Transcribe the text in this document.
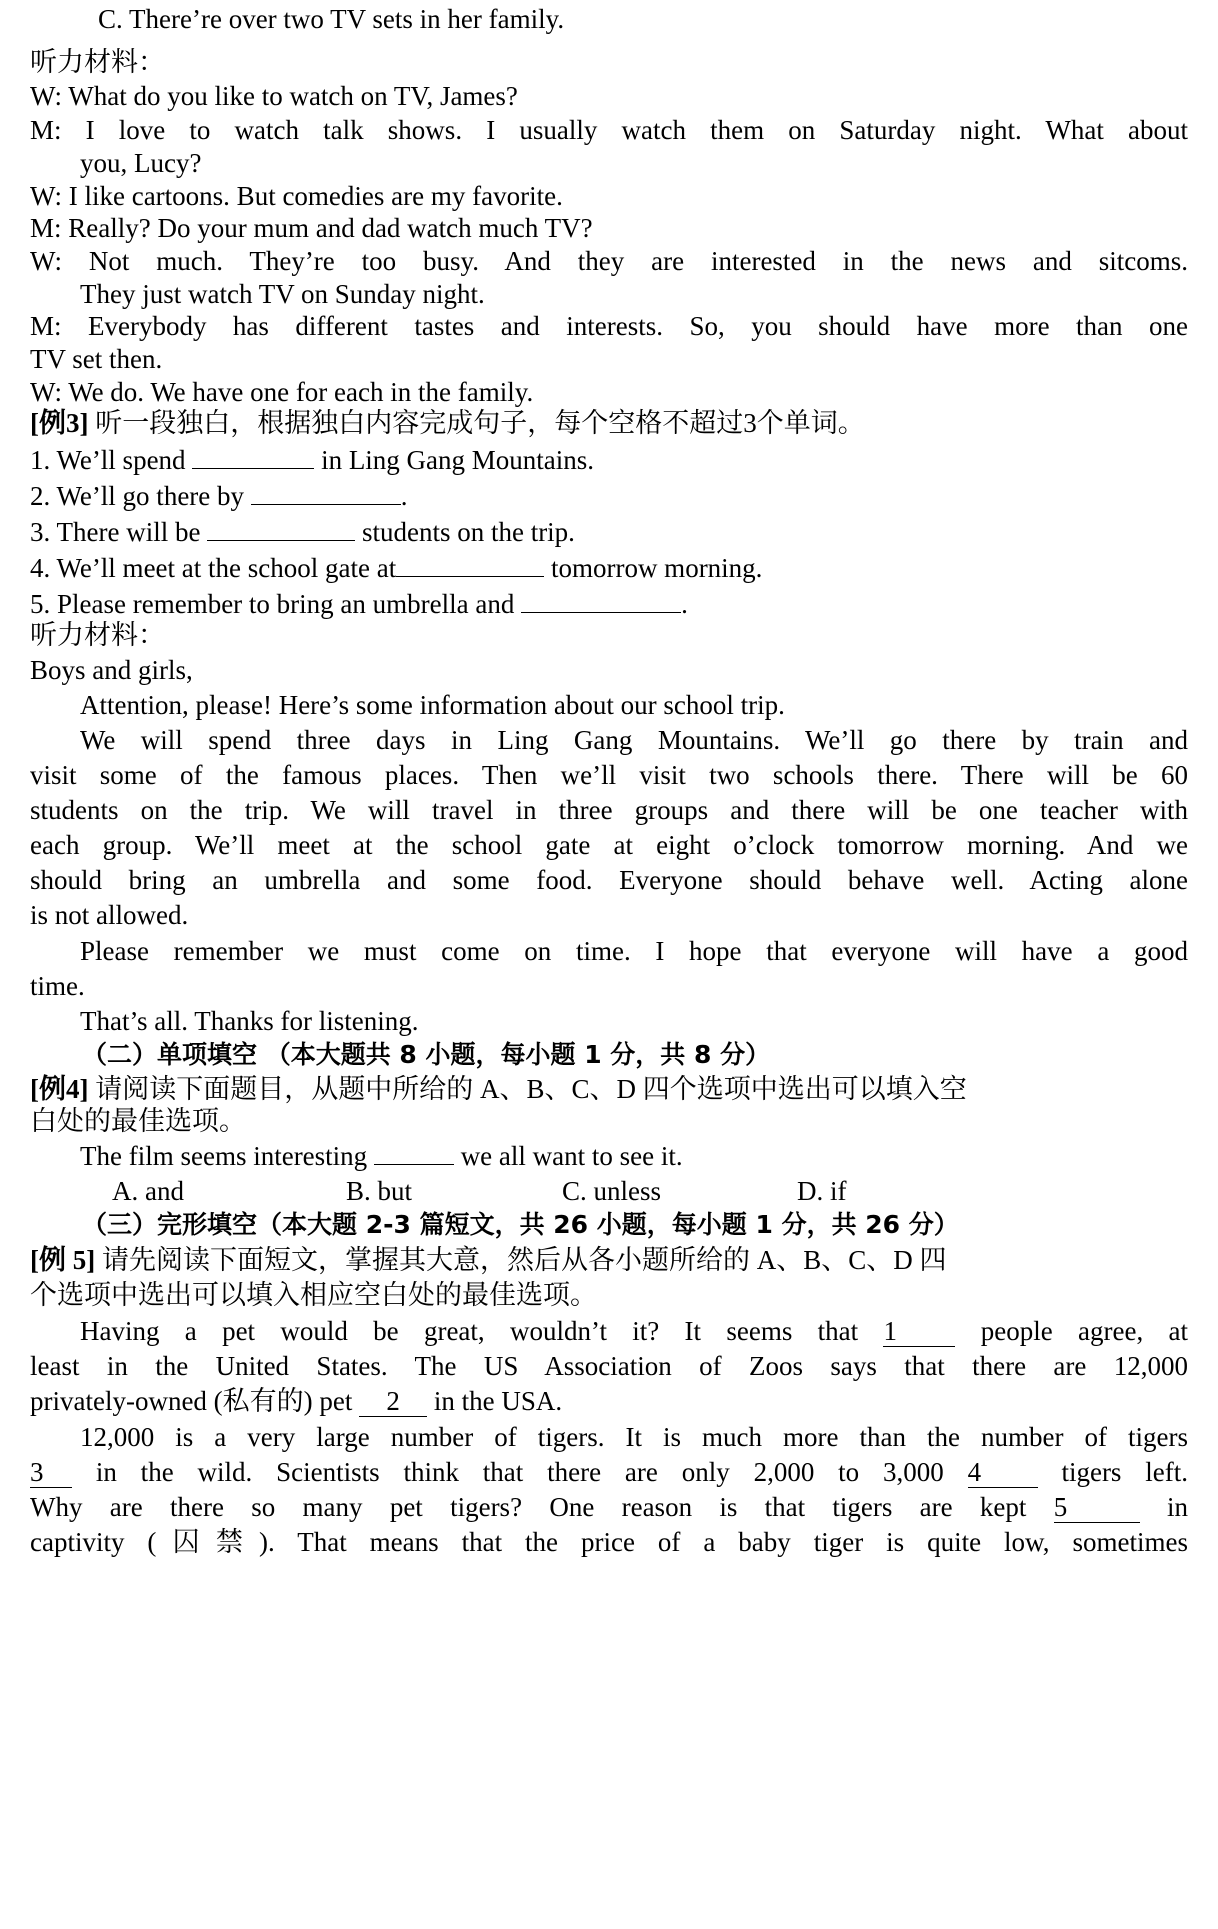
C. There’re over two TV sets in her family.
听力材料：
W: What do you like to watch on TV, James?
M: I love to watch talk shows. I usually watch them on Saturday night. What about
you, Lucy?
W: I like cartoons. But comedies are my favorite.
M: Really? Do your mum and dad watch much TV?
W: Not much. They’re too busy. And they are interested in the news and sitcoms.
They just watch TV on Sunday night.
M: Everybody has different tastes and interests. So, you should have more than one
TV set then.
W: We do. We have one for each in the family.
[例3] 听一段独白，根据独白内容完成句子，每个空格不超过3个单词。
1. We’ll spend	in Ling Gang Mountains.
2. We’ll go there by	.
3. There will be	students on the trip.
4. We’ll meet at the school gate at	tomorrow morning.
5. Please remember to bring an umbrella and	.
听力材料：
Boys and girls,
Attention, please! Here’s some information about our school trip.
We will spend three days in Ling Gang Mountains. We’ll go there by train and
visit some of the famous places. Then we’ll visit two schools there. There will be 60
students on the trip. We will travel in three groups and there will be one teacher with
each group. We’ll meet at the school gate at eight o’clock tomorrow morning. And we
should bring an umbrella and some food. Everyone should behave well. Acting alone
is not allowed.
Please remember we must come on time. I hope that everyone will have a good
time.
That’s all. Thanks for listening.
（二）单项填空 （本大题共 8 小题，每小题 1 分，共 8 分）
[例4] 请阅读下面题目，从题中所给的 A、B、C、D 四个选项中选出可以填入空
白处的最佳选项。
The film seems interesting	we all want to see it.
A. and	B. but	C. unless	D. if
（三）完形填空（本大题 2-3 篇短文，共 26 小题，每小题 1 分，共 26 分）
[例 5] 请先阅读下面短文，掌握其大意，然后从各小题所给的 A、B、C、D 四
个选项中选出可以填入相应空白处的最佳选项。
Having a pet would be great, wouldn’t it? It seems that 1	people agree, at
least in the United States. The US Association of Zoos says that there are 12,000
privately-owned (私有的) pet 2 in the USA.
12,000 is a very large number of tigers. It is much more than the number of tigers
3 in the wild. Scientists think that there are only 2,000 to 3,000 4	tigers left.
Why are there so many pet tigers? One reason is that tigers are kept 5	in
captivity (囚禁). That means that the price of a baby tiger is quite low, sometimes
